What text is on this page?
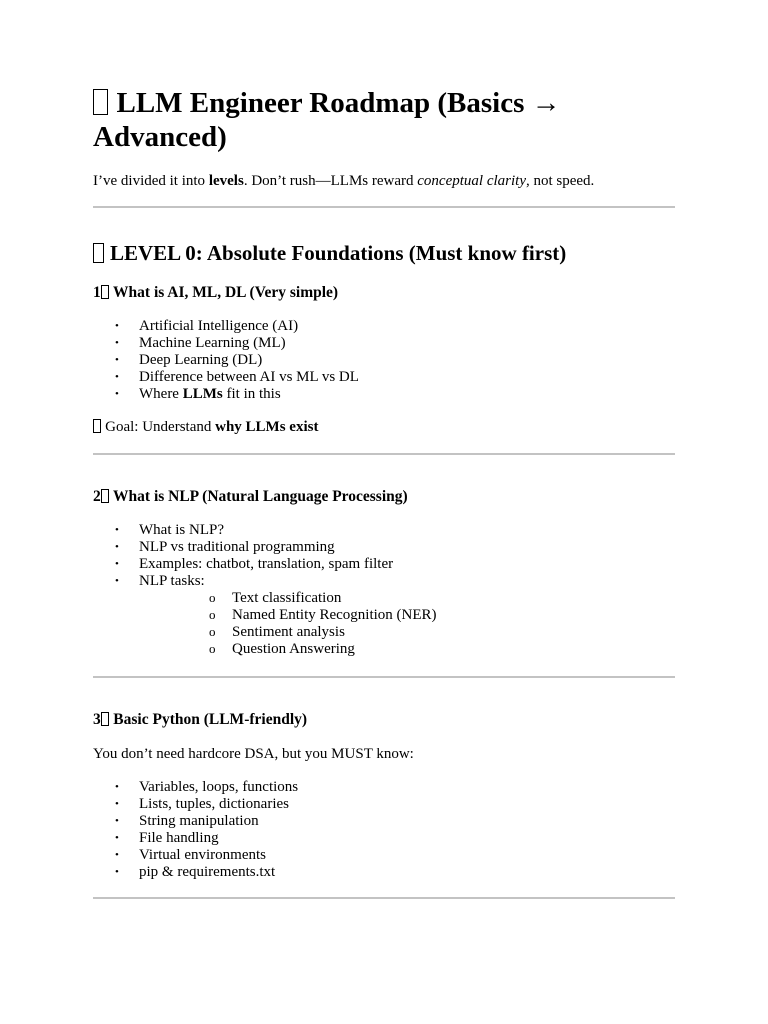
LLM Engineer Roadmap (Basics → Advanced)

I’ve divided it into levels. Don’t rush—LLMs reward conceptual clarity, not speed.

LEVEL 0: Absolute Foundations (Must know first)
1 What is AI, ML, DL (Very simple)
• Artificial Intelligence (AI)
• Machine Learning (ML)
• Deep Learning (DL)
• Difference between AI vs ML vs DL
• Where LLMs fit in this

Goal: Understand why LLMs exist

2 What is NLP (Natural Language Processing)
• What is NLP?
• NLP vs traditional programming
• Examples: chatbot, translation, spam filter
• NLP tasks:
o Text classification
o Named Entity Recognition (NER)
o Sentiment analysis
o Question Answering
3 Basic Python (LLM-friendly)

You don’t need hardcore DSA, but you MUST know:

• Variables, loops, functions
• Lists, tuples, dictionaries
• String manipulation
• File handling
• Virtual environments
• pip & requirements.txt
